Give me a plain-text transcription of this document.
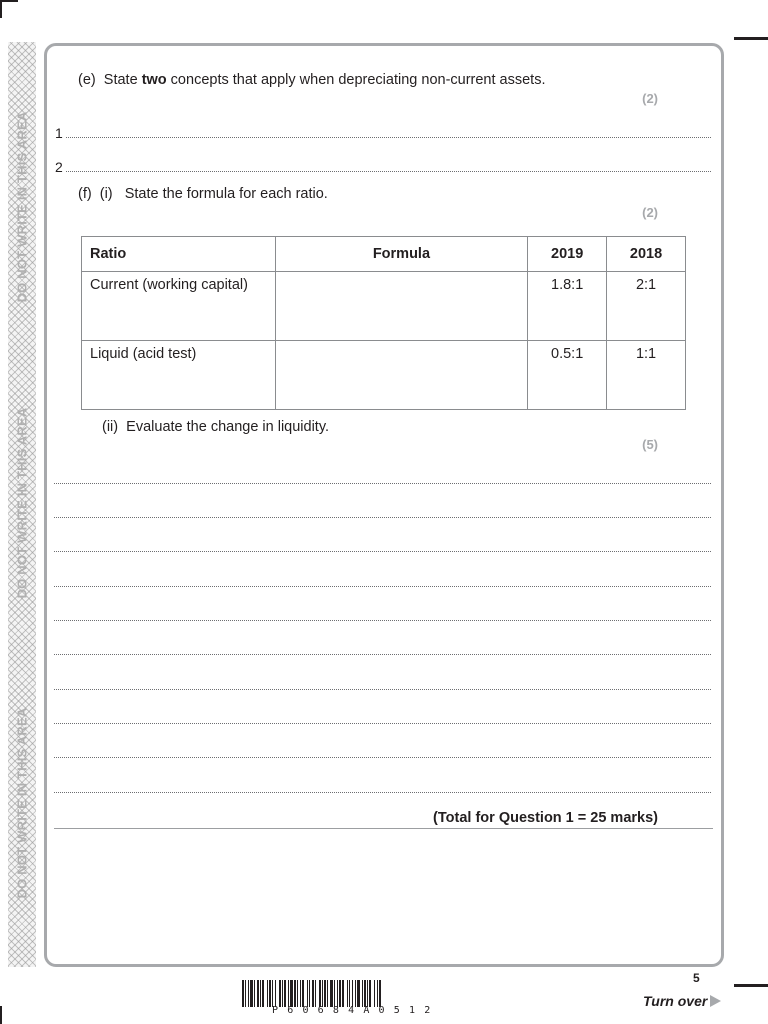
DO NOT WRITE IN THIS AREA
DO NOT WRITE IN THIS AREA
DO NOT WRITE IN THIS AREA
(e) State two concepts that apply when depreciating non-current assets.
(2)
1
2
(f) (i) State the formula for each ratio.
(2)
Ratio	Formula	2019	2018
Current (working capital)		1.8:1	2:1
Liquid (acid test)		0.5:1	1:1
(ii) Evaluate the change in liquidity.
(5)
(Total for Question 1 = 25 marks)
5
Turn over
P60684A0512
